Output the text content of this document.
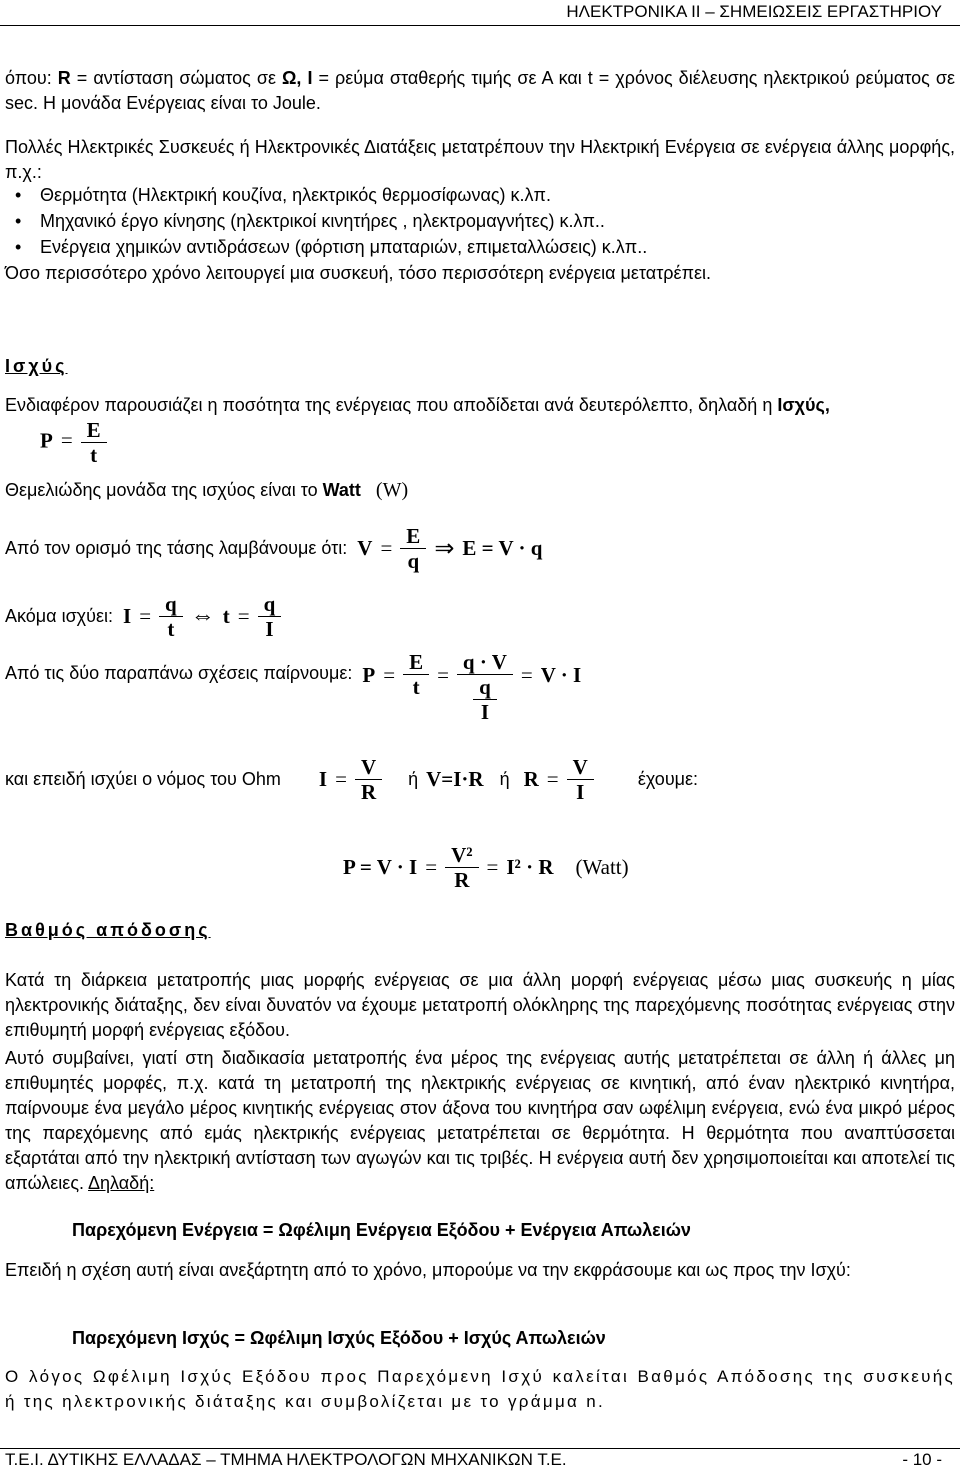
ΗΛΕΚΤΡΟΝΙΚΑ ΙΙ – ΣΗΜΕΙΩΣΕΙΣ ΕΡΓΑΣΤΗΡΙΟΥ

όπου: R = αντίσταση σώματος σε Ω, I = ρεύμα σταθερής τιμής σε Α και t = χρόνος διέλευσης ηλεκτρικού ρεύματος σε sec. Η μονάδα Ενέργειας είναι το Joule.

Πολλές Ηλεκτρικές Συσκευές ή Ηλεκτρονικές Διατάξεις μετατρέπουν την Ηλεκτρική Ενέργεια σε ενέργεια άλλης μορφής, π.χ.:

• Θερμότητα (Ηλεκτρική κουζίνα, ηλεκτρικός θερμοσίφωνας) κ.λπ.
• Μηχανικό έργο κίνησης (ηλεκτρικοί κινητήρες , ηλεκτρομαγνήτες) κ.λπ..
• Ενέργεια χημικών αντιδράσεων (φόρτιση μπαταριών, επιμεταλλώσεις) κ.λπ..

Όσο περισσότερο χρόνο λειτουργεί μια συσκευή, τόσο περισσότερη ενέργεια μετατρέπει.

Ισχύς

Ενδιαφέρον παρουσιάζει η ποσότητα της ενέργειας που αποδίδεται ανά δευτερόλεπτο, δηλαδή η Ισχύς,

$P = \frac{E}{t}$

Θεμελιώδης μονάδα της ισχύος είναι το Watt (W)

Από τον ορισμό της τάσης λαμβάνουμε ότι: $V = \frac{E}{q}$ ⇒ E = V · q
Ακόμα ισχύει: $I = \frac{q}{t}$ ⇔ $t = \frac{q}{I}$
Από τις δύο παραπάνω σχέσεις παίρνουμε: $P = \frac{E}{t}$ =
q · V
q
I
= V · I
και επειδή ισχύει ο νόμος του Ohm $I = \frac{V}{R}$ ή V=I·R ή $R = \frac{V}{I} έ\chi o\upsilon\mu\varepsilon$:
$P = V \cdot I = \frac{\text{V²}}{R} = I^2 \cdot R$ (Watt)
Βαθμός απόδοσης

Κατά τη διάρκεια μετατροπής μιας μορφής ενέργειας σε μια άλλη μορφή ενέργειας μέσω μιας συσκευής η μίας ηλεκτρονικής διάταξης, δεν είναι δυνατόν να έχουμε μετατροπή ολόκληρης της παρεχόμενης ποσότητας ενέργειας στην επιθυμητή μορφή ενέργειας εξόδου.

Αυτό συμβαίνει, γιατί στη διαδικασία μετατροπής ένα μέρος της ενέργειας αυτής μετατρέπεται σε άλλη ή άλλες μη επιθυμητές μορφές, π.χ. κατά τη μετατροπή της ηλεκτρικής ενέργειας σε κινητική, από έναν ηλεκτρικό κινητήρα, παίρνουμε ένα μεγάλο μέρος κινητικής ενέργειας στον άξονα του κινητήρα σαν ωφέλιμη ενέργεια, ενώ ένα μικρό μέρος της παρεχόμενης από εμάς ηλεκτρικής ενέργειας μετατρέπεται σε θερμότητα. Η θερμότητα που αναπτύσσεται εξαρτάται από την ηλεκτρική αντίσταση των αγωγών και τις τριβές. Η ενέργεια αυτή δεν χρησιμοποιείται και αποτελεί τις απώλειες. Δηλαδή:

Παρεχόμενη Ενέργεια = Ωφέλιμη Ενέργεια Εξόδου + Ενέργεια Απωλειών

Επειδή η σχέση αυτή είναι ανεξάρτητη από το χρόνο, μπορούμε να την εκφράσουμε και ως προς την Ισχύ:

Παρεχόμενη Ισχύς = Ωφέλιμη Ισχύς Εξόδου + Ισχύς Απωλειών

Ο λόγος Ωφέλιμη Ισχύς Εξόδου προς Παρεχόμενη Ισχύ καλείται Βαθμός Απόδοσης της συσκευής ή της ηλεκτρονικής διάταξης και συμβολίζεται με το γράμμα n.

Τ.Ε.Ι. ΔΥΤΙΚΗΣ ΕΛΛΑΔΑΣ – ΤΜΗΜΑ ΗΛΕΚΤΡΟΛΟΓΩΝ ΜΗΧΑΝΙΚΩΝ Τ.Ε.	- 10 -
